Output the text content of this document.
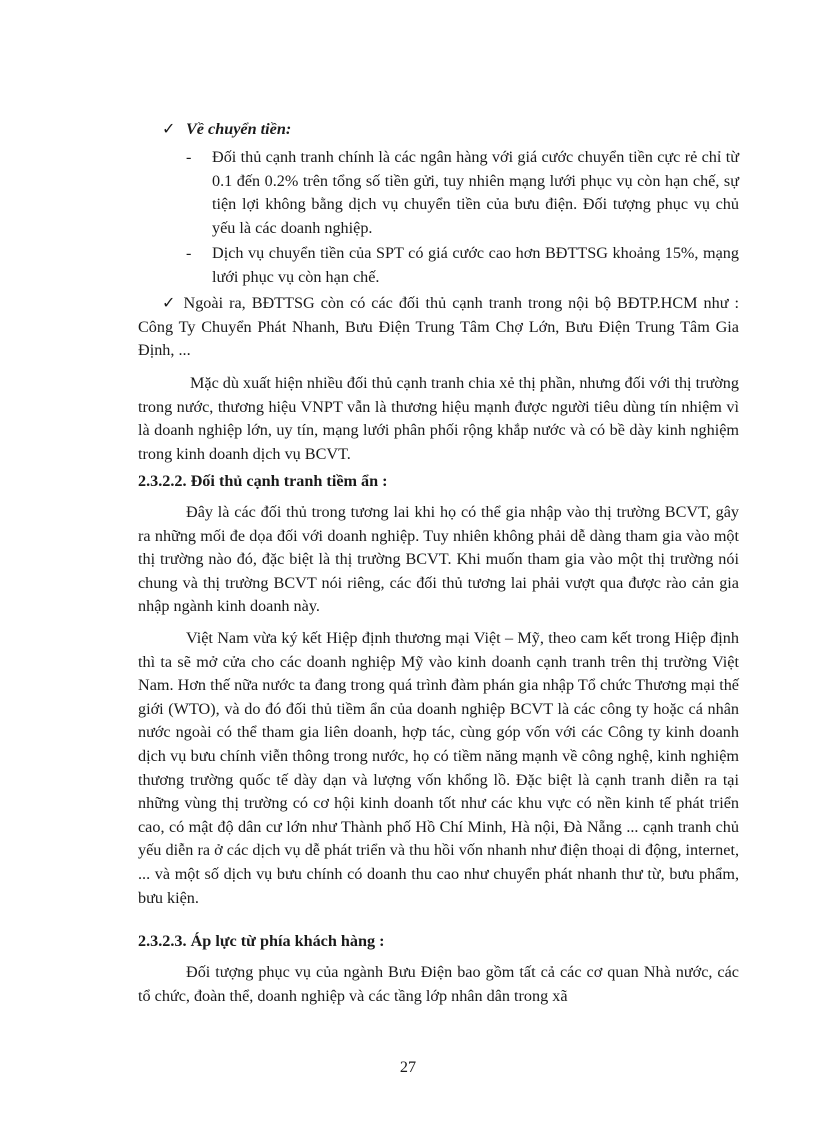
✓ Về chuyển tiền:
- Đối thủ cạnh tranh chính là các ngân hàng với giá cước chuyển tiền cực rẻ chỉ từ 0.1 đến 0.2% trên tổng số tiền gửi, tuy nhiên mạng lưới phục vụ còn hạn chế, sự tiện lợi không bằng dịch vụ chuyển tiền của bưu điện. Đối tượng phục vụ chủ yếu là các doanh nghiệp.

- Dịch vụ chuyển tiền của SPT có giá cước cao hơn BĐTTSG khoảng 15%, mạng lưới phục vụ còn hạn chế.

✓ Ngoài ra, BĐTTSG còn có các đối thủ cạnh tranh trong nội bộ BĐTP.HCM như : Công Ty Chuyển Phát Nhanh, Bưu Điện Trung Tâm Chợ Lớn, Bưu Điện Trung Tâm Gia Định, ...

Mặc dù xuất hiện nhiều đối thủ cạnh tranh chia xẻ thị phần, nhưng đối với thị trường trong nước, thương hiệu VNPT vẫn là thương hiệu mạnh được người tiêu dùng tín nhiệm vì là doanh nghiệp lớn, uy tín, mạng lưới phân phối rộng khắp nước và có bề dày kinh nghiệm trong kinh doanh dịch vụ BCVT.

2.3.2.2. Đối thủ cạnh tranh tiềm ẩn :

Đây là các đối thủ trong tương lai khi họ có thể gia nhập vào thị trường BCVT, gây ra những mối đe dọa đối với doanh nghiệp. Tuy nhiên không phải dễ dàng tham gia vào một thị trường nào đó, đặc biệt là thị trường BCVT. Khi muốn tham gia vào một thị trường nói chung và thị trường BCVT nói riêng, các đối thủ tương lai phải vượt qua được rào cản gia nhập ngành kinh doanh này.

Việt Nam vừa ký kết Hiệp định thương mại Việt – Mỹ, theo cam kết trong Hiệp định thì ta sẽ mở cửa cho các doanh nghiệp Mỹ vào kinh doanh cạnh tranh trên thị trường Việt Nam. Hơn thế nữa nước ta đang trong quá trình đàm phán gia nhập Tổ chức Thương mại thế giới (WTO), và do đó đối thủ tiềm ẩn của doanh nghiệp BCVT là các công ty hoặc cá nhân nước ngoài có thể tham gia liên doanh, hợp tác, cùng góp vốn với các Công ty kinh doanh dịch vụ bưu chính viễn thông trong nước, họ có tiềm năng mạnh về công nghệ, kinh nghiệm thương trường quốc tế dày dạn và lượng vốn khổng lồ. Đặc biệt là cạnh tranh diễn ra tại những vùng thị trường có cơ hội kinh doanh tốt như các khu vực có nền kinh tế phát triển cao, có mật độ dân cư lớn như Thành phố Hồ Chí Minh, Hà nội, Đà Nẵng ... cạnh tranh chủ yếu diễn ra ở các dịch vụ dễ phát triển và thu hồi vốn nhanh như điện thoại di động, internet, ... và một số dịch vụ bưu chính có doanh thu cao như chuyển phát nhanh thư từ, bưu phẩm, bưu kiện.

2.3.2.3. Áp lực từ phía khách hàng :

Đối tượng phục vụ của ngành Bưu Điện bao gồm tất cả các cơ quan Nhà nước, các tổ chức, đoàn thể, doanh nghiệp và các tầng lớp nhân dân trong xã

27
